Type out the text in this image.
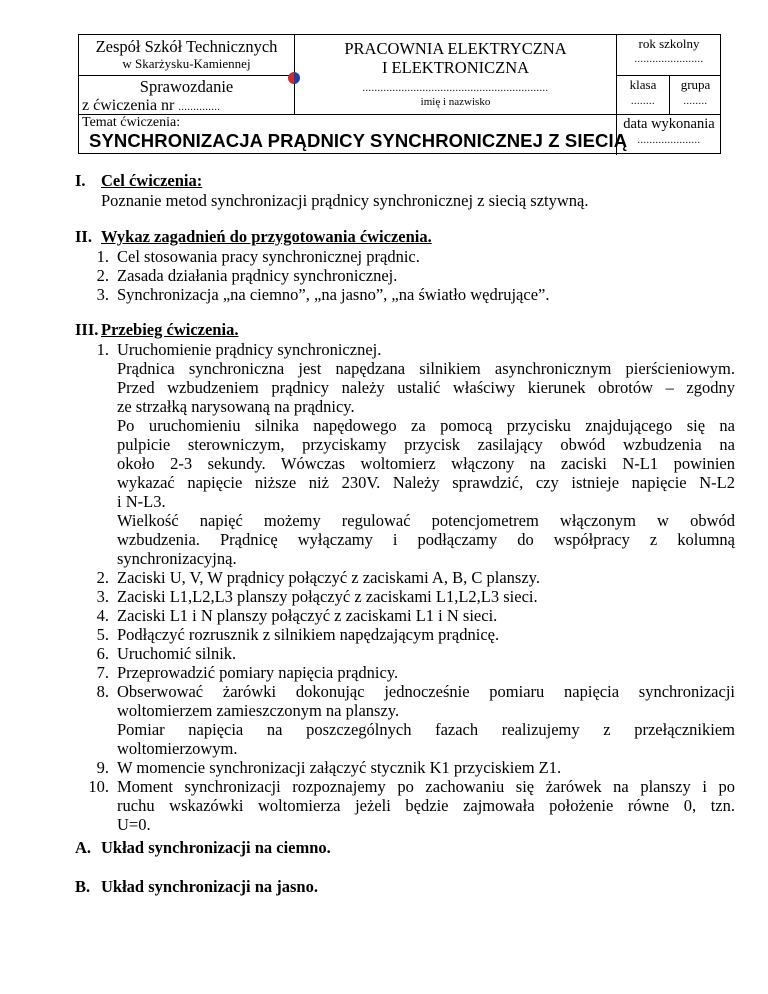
Zespół Szkół Technicznych
w Skarżysku-Kamiennej
Sprawozdanie
z ćwiczenia nr ..............
PRACOWNIA ELEKTRYCZNA
I ELEKTRONICZNA
..............................................................
imię i nazwisko
rok szkolny
.......................
klasa
........
grupa
........
data wykonania
.....................
Temat ćwiczenia:
SYNCHRONIZACJA PRĄDNICY SYNCHRONICZNEJ Z SIECIĄ
I. Cel ćwiczenia:
Poznanie metod synchronizacji prądnicy synchronicznej z siecią sztywną.
II. Wykaz zagadnień do przygotowania ćwiczenia.
1. Cel stosowania pracy synchronicznej prądnic.
2. Zasada działania prądnicy synchronicznej.
3. Synchronizacja „na ciemno”, „na jasno”, „na światło wędrujące”.
III. Przebieg ćwiczenia.
1. Uruchomienie prądnicy synchronicznej.
Prądnica synchroniczna jest napędzana silnikiem asynchronicznym pierścieniowym.
Przed wzbudzeniem prądnicy należy ustalić właściwy kierunek obrotów – zgodny
ze strzałką narysowaną na prądnicy.
Po uruchomieniu silnika napędowego za pomocą przycisku znajdującego się na
pulpicie sterowniczym, przyciskamy przycisk zasilający obwód wzbudzenia na
około 2-3 sekundy. Wówczas woltomierz włączony na zaciski N-L1 powinien
wykazać napięcie niższe niż 230V. Należy sprawdzić, czy istnieje napięcie N-L2
i N-L3.
Wielkość napięć możemy regulować potencjometrem włączonym w obwód
wzbudzenia. Prądnicę wyłączamy i podłączamy do współpracy z kolumną
synchronizacyjną.
2. Zaciski U, V, W prądnicy połączyć z zaciskami A, B, C planszy.
3. Zaciski L1,L2,L3 planszy połączyć z zaciskami L1,L2,L3 sieci.
4. Zaciski L1 i N planszy połączyć z zaciskami L1 i N sieci.
5. Podłączyć rozrusznik z silnikiem napędzającym prądnicę.
6. Uruchomić silnik.
7. Przeprowadzić pomiary napięcia prądnicy.
8. Obserwować żarówki dokonując jednocześnie pomiaru napięcia synchronizacji
woltomierzem zamieszczonym na planszy.
Pomiar napięcia na poszczególnych fazach realizujemy z przełącznikiem
woltomierzowym.
9. W momencie synchronizacji załączyć stycznik K1 przyciskiem Z1.
10. Moment synchronizacji rozpoznajemy po zachowaniu się żarówek na planszy i po
ruchu wskazówki woltomierza jeżeli będzie zajmowała położenie równe 0, tzn.
U=0.
A. Układ synchronizacji na ciemno.
B. Układ synchronizacji na jasno.
